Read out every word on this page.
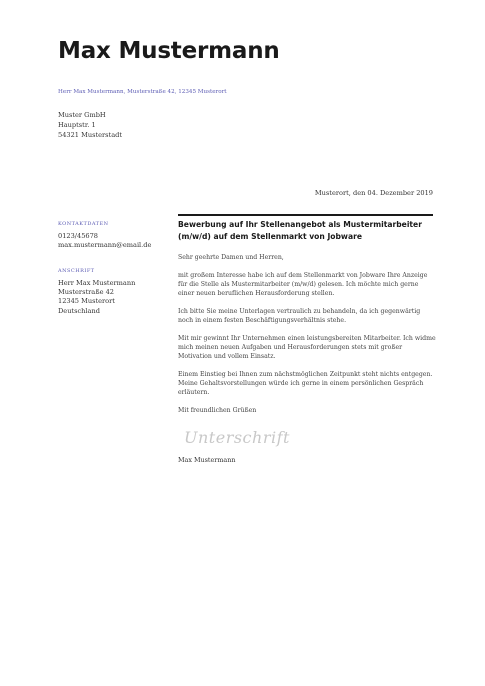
Max Mustermann
Herr Max Mustermann, Musterstraße 42, 12345 Musterort
Muster GmbH
Hauptstr. 1
54321 Musterstadt
Musterort, den 04. Dezember 2019
KONTAKTDATEN
0123/45678
max.mustermann@email.de
ANSCHRIFT
Herr Max Mustermann
Musterstraße 42
12345 Musterort
Deutschland
Bewerbung auf Ihr Stellenangebot als Mustermitarbeiter (m/w/d) auf dem Stellenmarkt von Jobware

Sehr geehrte Damen und Herren,

mit großem Interesse habe ich auf dem Stellenmarkt von Jobware Ihre Anzeige für die Stelle als Mustermitarbeiter (m/w/d) gelesen. Ich möchte mich gerne einer neuen beruflichen Herausforderung stellen.

Ich bitte Sie meine Unterlagen vertraulich zu behandeln, da ich gegenwärtig noch in einem festen Beschäftigungsverhältnis stehe.

Mit mir gewinnt Ihr Unternehmen einen leistungsbereiten Mitarbeiter. Ich widme mich meinen neuen Aufgaben und Herausforderungen stets mit großer Motivation und vollem Einsatz.

Einem Einstieg bei Ihnen zum nächstmöglichen Zeitpunkt steht nichts entgegen. Meine Gehaltsvorstellungen würde ich gerne in einem persönlichen Gespräch erläutern.

Mit freundlichen Grüßen

Unterschrift
Max Mustermann
